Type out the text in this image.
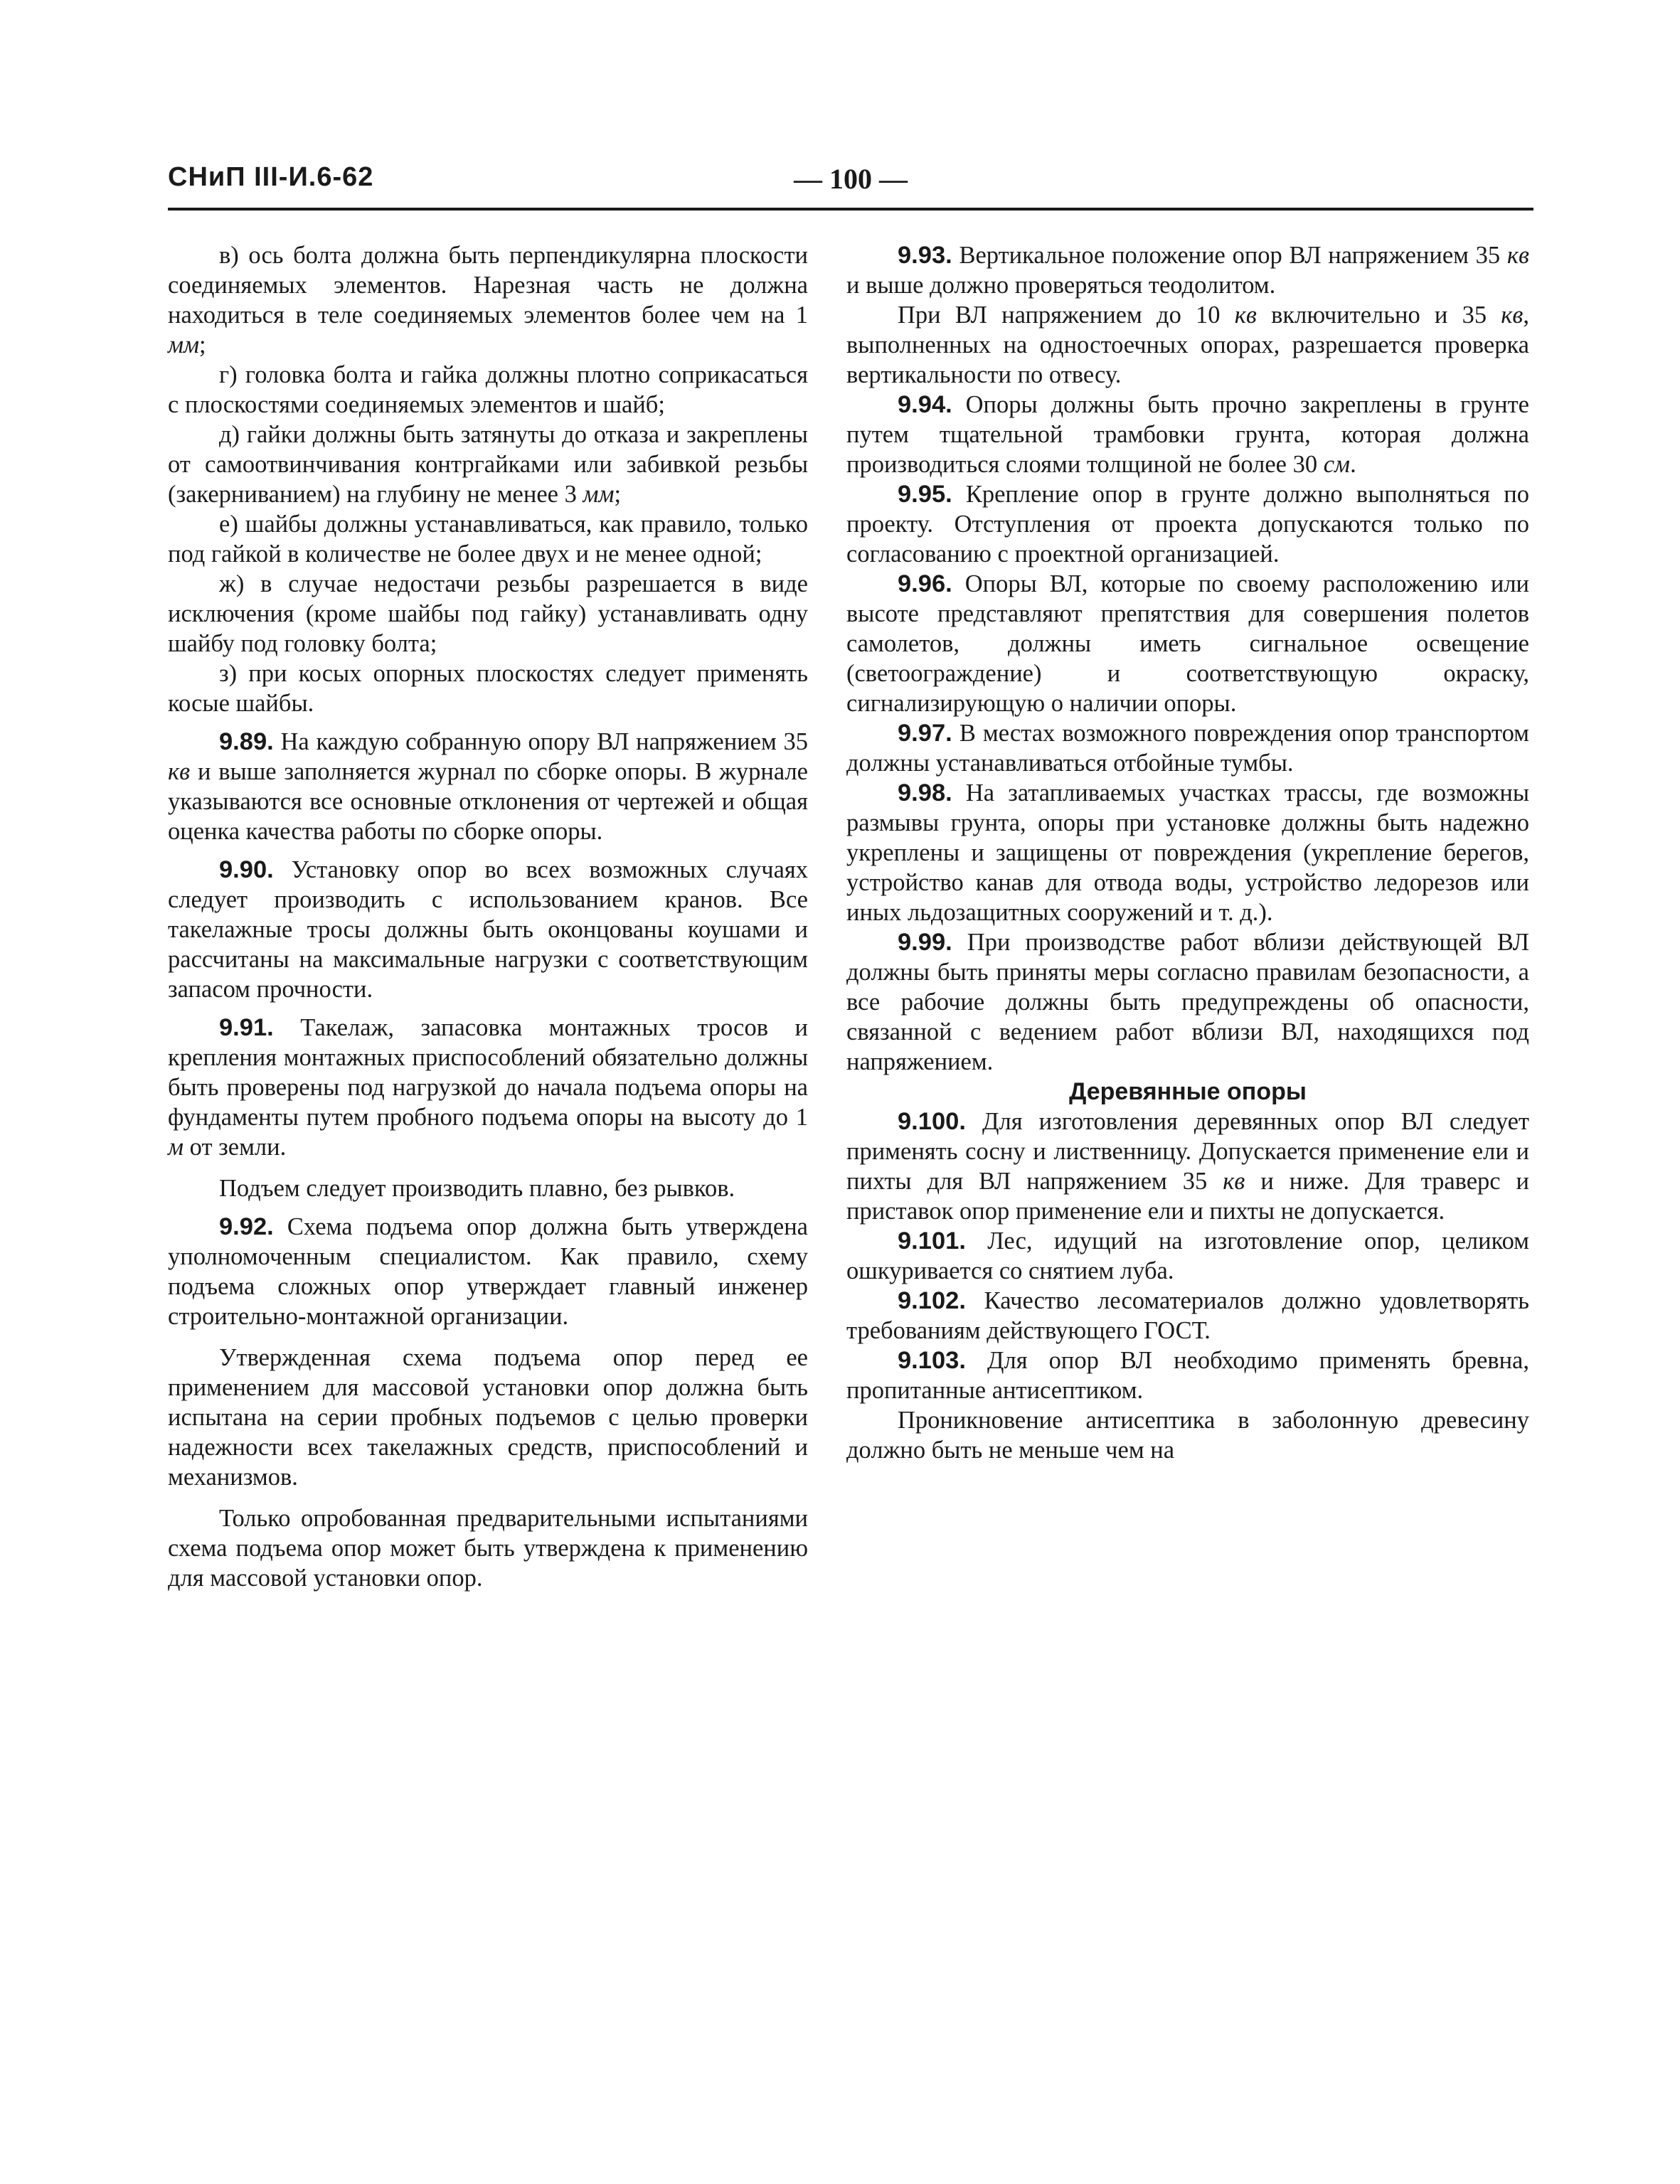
СНиП III-И.6-62	— 100 —

в) ось болта должна быть перпендикулярна плоскости соединяемых элементов. Нарезная часть не должна находиться в теле соединяемых элементов более чем на 1 мм;

г) головка болта и гайка должны плотно соприкасаться с плоскостями соединяемых элементов и шайб;

д) гайки должны быть затянуты до отказа и закреплены от самоотвинчивания контргайками или забивкой резьбы (закерниванием) на глубину не менее 3 мм;

е) шайбы должны устанавливаться, как правило, только под гайкой в количестве не более двух и не менее одной;

ж) в случае недостачи резьбы разрешается в виде исключения (кроме шайбы под гайку) устанавливать одну шайбу под головку болта;

з) при косых опорных плоскостях следует применять косые шайбы.

9.89. На каждую собранную опору ВЛ напряжением 35 кв и выше заполняется журнал по сборке опоры. В журнале указываются все основные отклонения от чертежей и общая оценка качества работы по сборке опоры.

9.90. Установку опор во всех возможных случаях следует производить с использованием кранов. Все такелажные тросы должны быть оконцованы коушами и рассчитаны на максимальные нагрузки с соответствующим запасом прочности.

9.91. Такелаж, запасовка монтажных тросов и крепления монтажных приспособлений обязательно должны быть проверены под нагрузкой до начала подъема опоры на фундаменты путем пробного подъема опоры на высоту до 1 м от земли.

Подъем следует производить плавно, без рывков.

9.92. Схема подъема опор должна быть утверждена уполномоченным специалистом. Как правило, схему подъема сложных опор утверждает главный инженер строительно-монтажной организации.

Утвержденная схема подъема опор перед ее применением для массовой установки опор должна быть испытана на серии пробных подъемов с целью проверки надежности всех такелажных средств, приспособлений и механизмов.

Только опробованная предварительными испытаниями схема подъема опор может быть утверждена к применению для массовой установки опор.

9.93. Вертикальное положение опор ВЛ напряжением 35 кв и выше должно проверяться теодолитом.

При ВЛ напряжением до 10 кв включительно и 35 кв, выполненных на одностоечных опорах, разрешается проверка вертикальности по отвесу.

9.94. Опоры должны быть прочно закреплены в грунте путем тщательной трамбовки грунта, которая должна производиться слоями толщиной не более 30 см.

9.95. Крепление опор в грунте должно выполняться по проекту. Отступления от проекта допускаются только по согласованию с проектной организацией.

9.96. Опоры ВЛ, которые по своему расположению или высоте представляют препятствия для совершения полетов самолетов, должны иметь сигнальное освещение (светоограждение) и соответствующую окраску, сигнализирующую о наличии опоры.

9.97. В местах возможного повреждения опор транспортом должны устанавливаться отбойные тумбы.

9.98. На затапливаемых участках трассы, где возможны размывы грунта, опоры при установке должны быть надежно укреплены и защищены от повреждения (укрепление берегов, устройство канав для отвода воды, устройство ледорезов или иных льдозащитных сооружений и т. д.).

9.99. При производстве работ вблизи действующей ВЛ должны быть приняты меры согласно правилам безопасности, а все рабочие должны быть предупреждены об опасности, связанной с ведением работ вблизи ВЛ, находящихся под напряжением.

Деревянные опоры

9.100. Для изготовления деревянных опор ВЛ следует применять сосну и лиственницу. Допускается применение ели и пихты для ВЛ напряжением 35 кв и ниже. Для траверс и приставок опор применение ели и пихты не допускается.

9.101. Лес, идущий на изготовление опор, целиком ошкуривается со снятием луба.

9.102. Качество лесоматериалов должно удовлетворять требованиям действующего ГОСТ.

9.103. Для опор ВЛ необходимо применять бревна, пропитанные антисептиком.

Проникновение антисептика в заболонную древесину должно быть не меньше чем на
